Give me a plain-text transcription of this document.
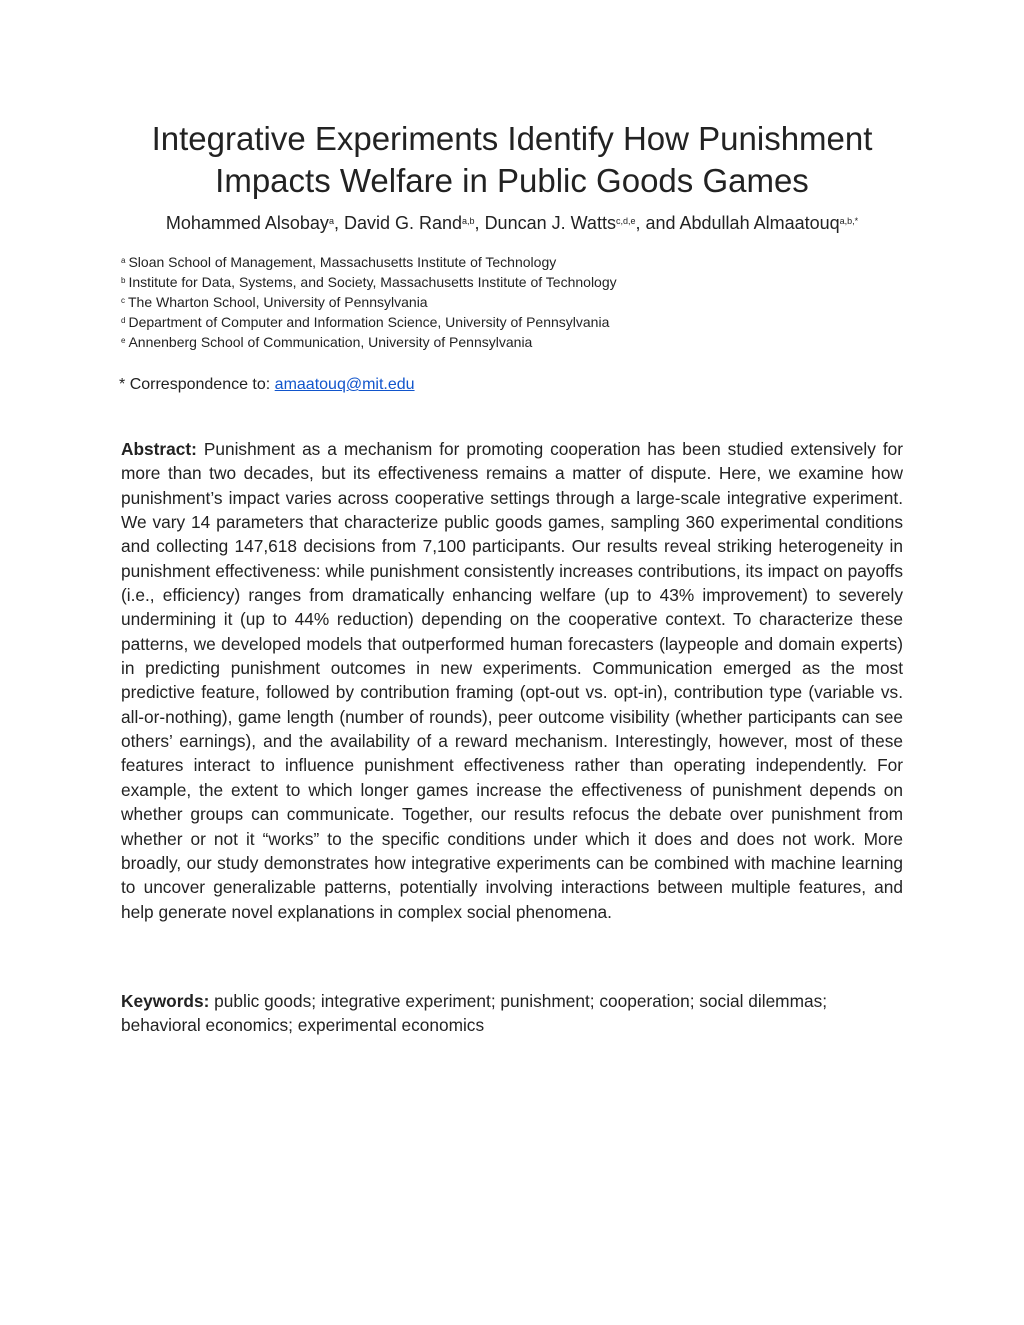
Integrative Experiments Identify How Punishment
Impacts Welfare in Public Goods Games
Mohammed Alsobay$^a$, David G. Rand$^{a,b}$, Duncan J. Watts$^{c,d,e}$, and Abdullah Almaatouq$^{a,b,*}$
$^a$ Sloan School of Management, Massachusetts Institute of Technology
$^b$ Institute for Data, Systems, and Society, Massachusetts Institute of Technology
$^c$ The Wharton School, University of Pennsylvania
$^d$ Department of Computer and Information Science, University of Pennsylvania
$^e$ Annenberg School of Communication, University of Pennsylvania
* Correspondence to: amaatouq@mit.edu

Abstract: Punishment as a mechanism for promoting cooperation has been studied extensively for more than two decades, but its effectiveness remains a matter of dispute. Here, we examine how punishment’s impact varies across cooperative settings through a large-scale integrative experiment. We vary 14 parameters that characterize public goods games, sampling 360 experimental conditions and collecting 147,618 decisions from 7,100 participants. Our results reveal striking heterogeneity in punishment effectiveness: while punishment consistently increases contributions, its impact on payoffs (i.e., efficiency) ranges from dramatically enhancing welfare (up to 43% improvement) to severely undermining it (up to 44% reduction) depending on the cooperative context. To characterize these patterns, we developed models that outperformed human forecasters (laypeople and domain experts) in predicting punishment outcomes in new experiments. Communication emerged as the most predictive feature, followed by contribution framing (opt-out vs. opt-in), contribution type (variable vs. all-or-nothing), game length (number of rounds), peer outcome visibility (whether participants can see others’ earnings), and the availability of a reward mechanism. Interestingly, however, most of these features interact to influence punishment effectiveness rather than operating independently. For example, the extent to which longer games increase the effectiveness of punishment depends on whether groups can communicate. Together, our results refocus the debate over punishment from whether or not it “works” to the specific conditions under which it does and does not work. More broadly, our study demonstrates how integrative experiments can be combined with machine learning to uncover generalizable patterns, potentially involving interactions between multiple features, and help generate novel explanations in complex social phenomena.

Keywords: public goods; integrative experiment; punishment; cooperation; social dilemmas; behavioral economics; experimental economics
